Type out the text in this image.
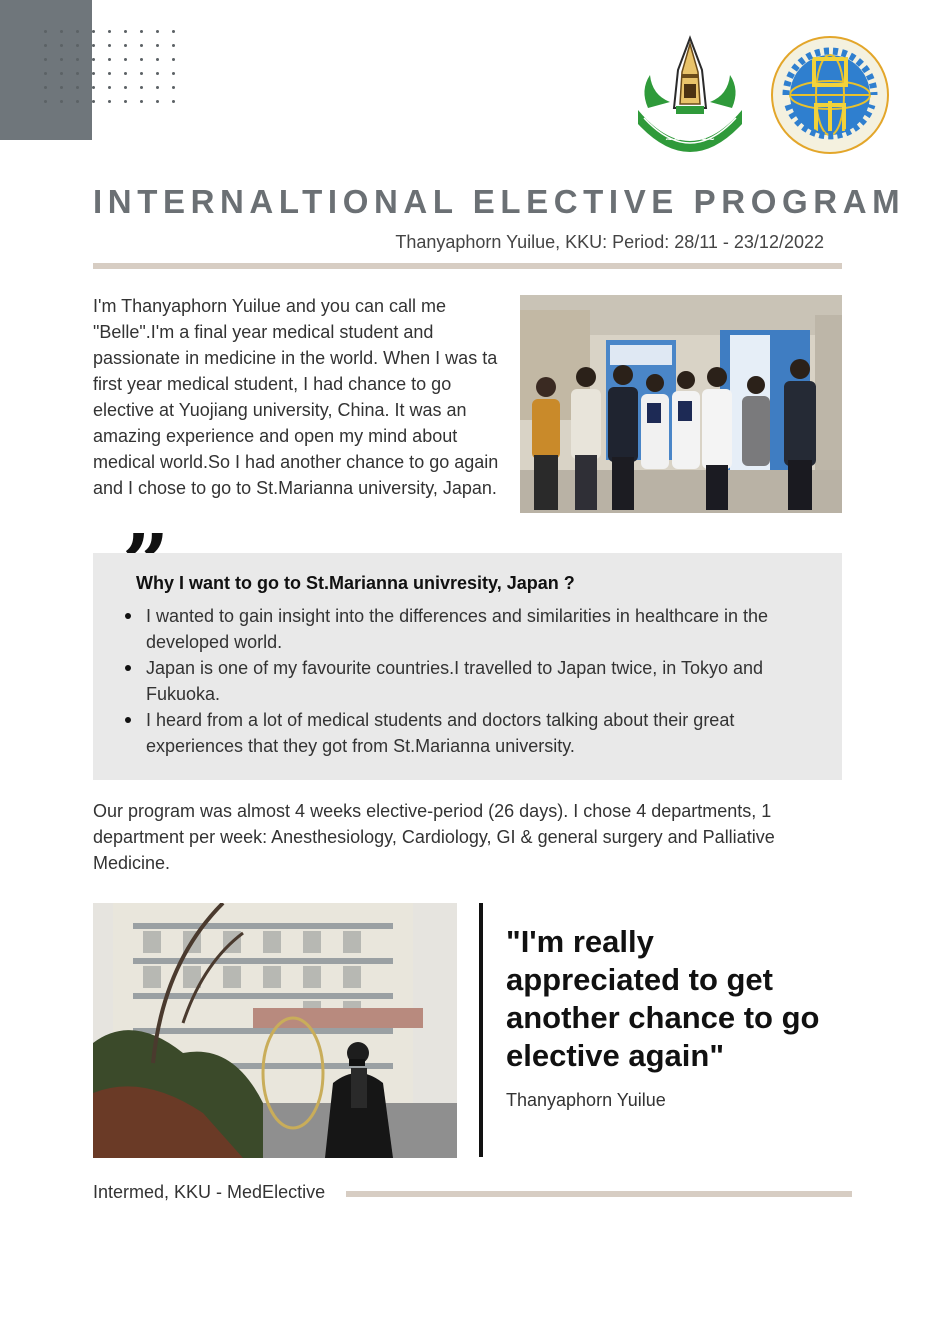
~~~~~~
INTERNALTIONAL ELECTIVE PROGRAM
Thanyaphorn Yuilue, KKU: Period: 28/11 - 23/12/2022
I'm Thanyaphorn Yuilue and you can call me "Belle".I'm a final year medical student and passionate in medicine in the world. When I was ta first year medical student, I had chance to go elective at Yuojiang university, China. It was an amazing experience and open my mind about medical world.So I had another chance to go again and I chose to go to St.Marianna university, Japan.
Why I want to go to St.Marianna univresity, Japan ?
I wanted to gain insight into the differences and similarities in healthcare in the developed world.
Japan is one of my favourite countries.I travelled to Japan twice, in Tokyo and Fukuoka.
I heard from a lot of medical students and doctors talking about their great experiences that they got from St.Marianna university.
Our program was almost 4 weeks elective-period (26 days). I chose 4 departments, 1 department per week: Anesthesiology, Cardiology, GI & general surgery and Palliative Medicine.
"I'm really appreciated to get another chance to go elective again"
Thanyaphorn Yuilue
Intermed, KKU - MedElective
